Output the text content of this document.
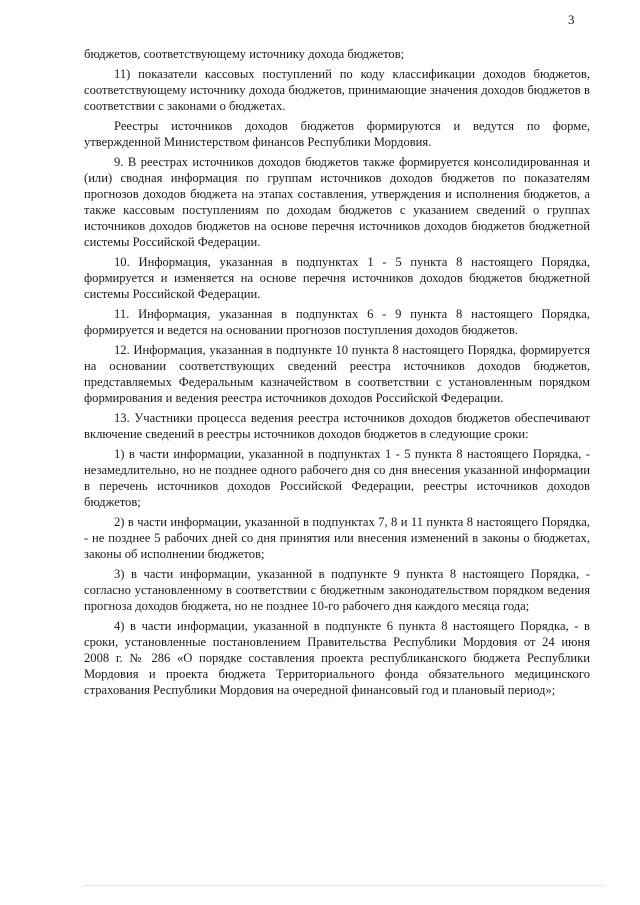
3

бюджетов, соответствующему источнику дохода бюджетов;

11) показатели кассовых поступлений по коду классификации доходов бюджетов, соответствующему источнику дохода бюджетов, принимающие значения доходов бюджетов в соответствии с законами о бюджетах.

Реестры источников доходов бюджетов формируются и ведутся по форме, утвержденной Министерством финансов Республики Мордовия.

9. В реестрах источников доходов бюджетов также формируется консолидированная и (или) сводная информация по группам источников доходов бюджетов по показателям прогнозов доходов бюджета на этапах составления, утверждения и исполнения бюджетов, а также кассовым поступлениям по доходам бюджетов с указанием сведений о группах источников доходов бюджетов на основе перечня источников доходов бюджетов бюджетной системы Российской Федерации.

10. Информация, указанная в подпунктах 1 - 5 пункта 8 настоящего Порядка, формируется и изменяется на основе перечня источников доходов бюджетов бюджетной системы Российской Федерации.

11. Информация, указанная в подпунктах 6 - 9 пункта 8 настоящего Порядка, формируется и ведется на основании прогнозов поступления доходов бюджетов.

12. Информация, указанная в подпункте 10 пункта 8 настоящего Порядка, формируется на основании соответствующих сведений реестра источников доходов бюджетов, представляемых Федеральным казначейством в соответствии с установленным порядком формирования и ведения реестра источников доходов Российской Федерации.

13. Участники процесса ведения реестра источников доходов бюджетов обеспечивают включение сведений в реестры источников доходов бюджетов в следующие сроки:

1) в части информации, указанной в подпунктах 1 - 5 пункта 8 настоящего Порядка, - незамедлительно, но не позднее одного рабочего дня со дня внесения указанной информации в перечень источников доходов Российской Федерации, реестры источников доходов бюджетов;

2) в части информации, указанной в подпунктах 7, 8 и 11 пункта 8 настоящего Порядка, - не позднее 5 рабочих дней со дня принятия или внесения изменений в законы о бюджетах, законы об исполнении бюджетов;

3) в части информации, указанной в подпункте 9 пункта 8 настоящего Порядка, - согласно установленному в соответствии с бюджетным законодательством порядком ведения прогноза доходов бюджета, но не позднее 10-го рабочего дня каждого месяца года;

4) в части информации, указанной в подпункте 6 пункта 8 настоящего Порядка, - в сроки, установленные постановлением Правительства Республики Мордовия от 24 июня 2008 г. № 286 «О порядке составления проекта республиканского бюджета Республики Мордовия и проекта бюджета Территориального фонда обязательного медицинского страхования Республики Мордовия на очередной финансовый год и плановый период»;
